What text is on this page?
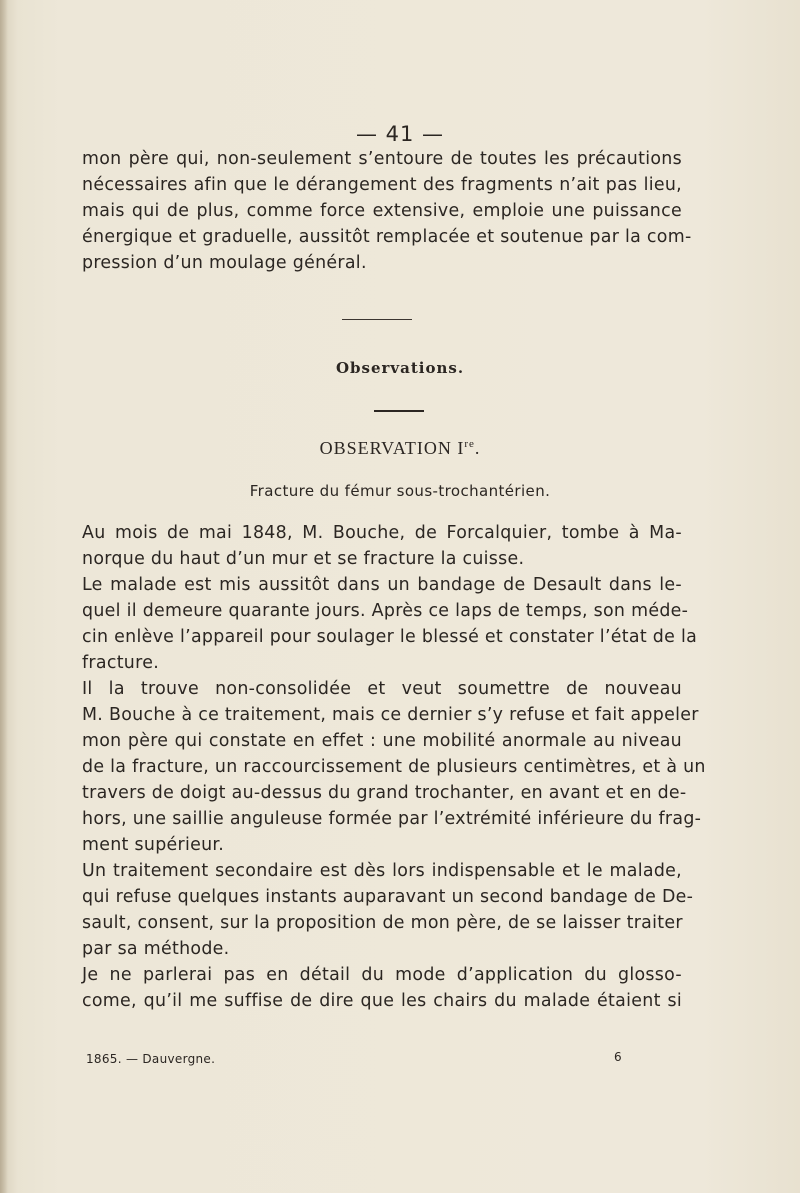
— 41 —
mon père qui, non-seulement s’entoure de toutes les précautions
nécessaires afin que le dérangement des fragments n’ait pas lieu,
mais qui de plus, comme force extensive, emploie une puissance
énergique et graduelle, aussitôt remplacée et soutenue par la com-
pression d’un moulage général.
Observations.
OBSERVATION Ire.
Fracture du fémur sous-trochantérien.
Au mois de mai 1848, M. Bouche, de Forcalquier, tombe à Ma-
norque du haut d’un mur et se fracture la cuisse.
Le malade est mis aussitôt dans un bandage de Desault dans le-
quel il demeure quarante jours. Après ce laps de temps, son méde-
cin enlève l’appareil pour soulager le blessé et constater l’état de la
fracture.
Il la trouve non-consolidée et veut soumettre de nouveau
M. Bouche à ce traitement, mais ce dernier s’y refuse et fait appeler
mon père qui constate en effet : une mobilité anormale au niveau
de la fracture, un raccourcissement de plusieurs centimètres, et à un
travers de doigt au-dessus du grand trochanter, en avant et en de-
hors, une saillie anguleuse formée par l’extrémité inférieure du frag-
ment supérieur.
Un traitement secondaire est dès lors indispensable et le malade,
qui refuse quelques instants auparavant un second bandage de De-
sault, consent, sur la proposition de mon père, de se laisser traiter
par sa méthode.
Je ne parlerai pas en détail du mode d’application du glosso-
come, qu’il me suffise de dire que les chairs du malade étaient si
1865. — Dauvergne.	6
